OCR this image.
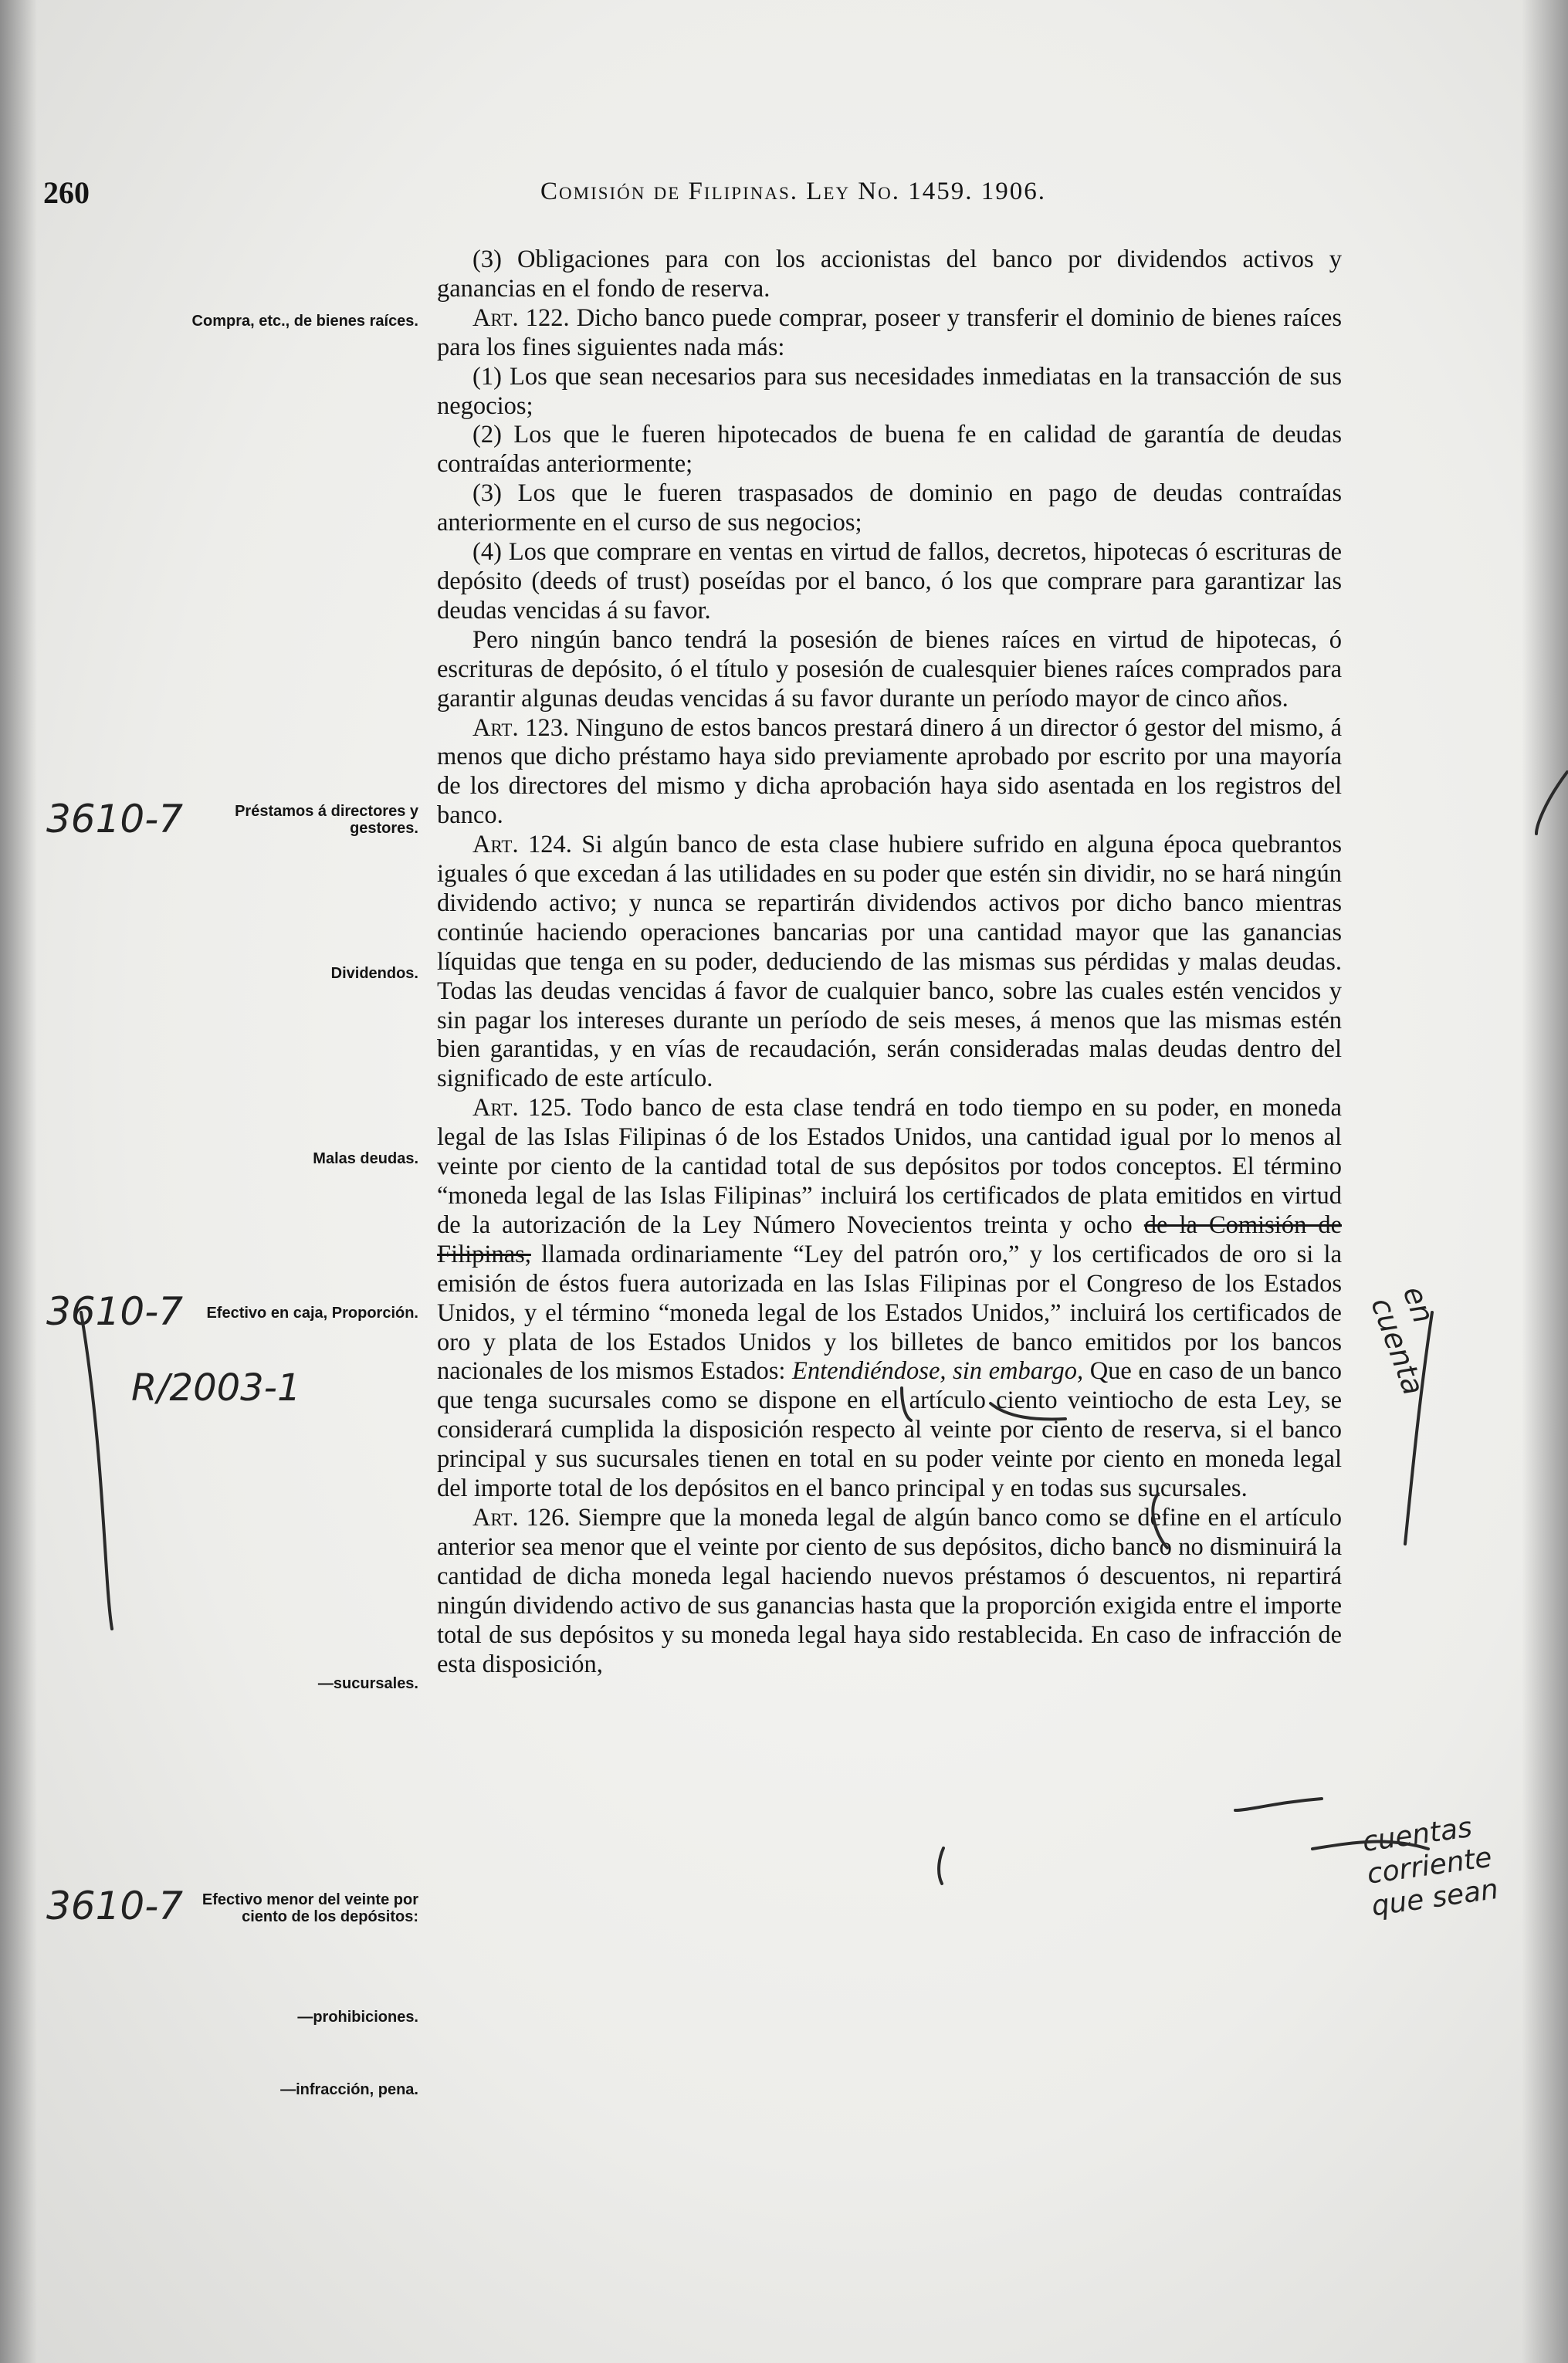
260	Comisión de Filipinas. Ley No. 1459. 1906.
Compra, etc., de bienes raíces.
Préstamos á directores y gestores.
Dividendos.
Malas deudas.
Efectivo en caja, Proporción.
—sucursales.
Efectivo menor del veinte por ciento de los depósitos:
—prohibiciones.
—infracción, pena.

(3) Obligaciones para con los accionistas del banco por dividendos activos y ganancias en el fondo de reserva.

Art. 122. Dicho banco puede comprar, poseer y transferir el dominio de bienes raíces para los fines siguientes nada más:

(1) Los que sean necesarios para sus necesidades inmediatas en la transacción de sus negocios;

(2) Los que le fueren hipotecados de buena fe en calidad de garantía de deudas contraídas anteriormente;

(3) Los que le fueren traspasados de dominio en pago de deudas contraídas anteriormente en el curso de sus negocios;

(4) Los que comprare en ventas en virtud de fallos, decretos, hipotecas ó escrituras de depósito (deeds of trust) poseídas por el banco, ó los que comprare para garantizar las deudas vencidas á su favor.

Pero ningún banco tendrá la posesión de bienes raíces en virtud de hipotecas, ó escrituras de depósito, ó el título y posesión de cualesquier bienes raíces comprados para garantir algunas deudas vencidas á su favor durante un período mayor de cinco años.

Art. 123. Ninguno de estos bancos prestará dinero á un director ó gestor del mismo, á menos que dicho préstamo haya sido previamente aprobado por escrito por una mayoría de los directores del mismo y dicha aprobación haya sido asentada en los registros del banco.

Art. 124. Si algún banco de esta clase hubiere sufrido en alguna época quebrantos iguales ó que excedan á las utilidades en su poder que estén sin dividir, no se hará ningún dividendo activo; y nunca se repartirán dividendos activos por dicho banco mientras continúe haciendo operaciones bancarias por una cantidad mayor que las ganancias líquidas que tenga en su poder, deduciendo de las mismas sus pérdidas y malas deudas. Todas las deudas vencidas á favor de cualquier banco, sobre las cuales estén vencidos y sin pagar los intereses durante un período de seis meses, á menos que las mismas estén bien garantidas, y en vías de recaudación, serán consideradas malas deudas dentro del significado de este artículo.

Art. 125. Todo banco de esta clase tendrá en todo tiempo en su poder, en moneda legal de las Islas Filipinas ó de los Estados Unidos, una cantidad igual por lo menos al veinte por ciento de la cantidad total de sus depósitos por todos conceptos. El término “moneda legal de las Islas Filipinas” incluirá los certificados de plata emitidos en virtud de la autorización de la Ley Número Novecientos treinta y ocho de la Comisión de Filipinas, llamada ordinariamente “Ley del patrón oro,” y los certificados de oro si la emisión de éstos fuera autorizada en las Islas Filipinas por el Congreso de los Estados Unidos, y el término “moneda legal de los Estados Unidos,” incluirá los certificados de oro y plata de los Estados Unidos y los billetes de banco emitidos por los bancos nacionales de los mismos Estados: Entendiéndose, sin embargo, Que en caso de un banco que tenga sucursales como se dispone en el artículo ciento veintiocho de esta Ley, se considerará cumplida la disposición respecto al veinte por ciento de reserva, si el banco principal y sus sucursales tienen en total en su poder veinte por ciento en moneda legal del importe total de los depósitos en el banco principal y en todas sus sucursales.

Art. 126. Siempre que la moneda legal de algún banco como se define en el artículo anterior sea menor que el veinte por ciento de sus depósitos, dicho banco no disminuirá la cantidad de dicha moneda legal haciendo nuevos préstamos ó descuentos, ni repartirá ningún dividendo activo de sus ganancias hasta que la proporción exigida entre el importe total de sus depósitos y su moneda legal haya sido restablecida. En caso de infracción de esta disposición,

3610-7
3610-7
R/2003-1
3610-7
en cuenta
cuentas corriente que sean
